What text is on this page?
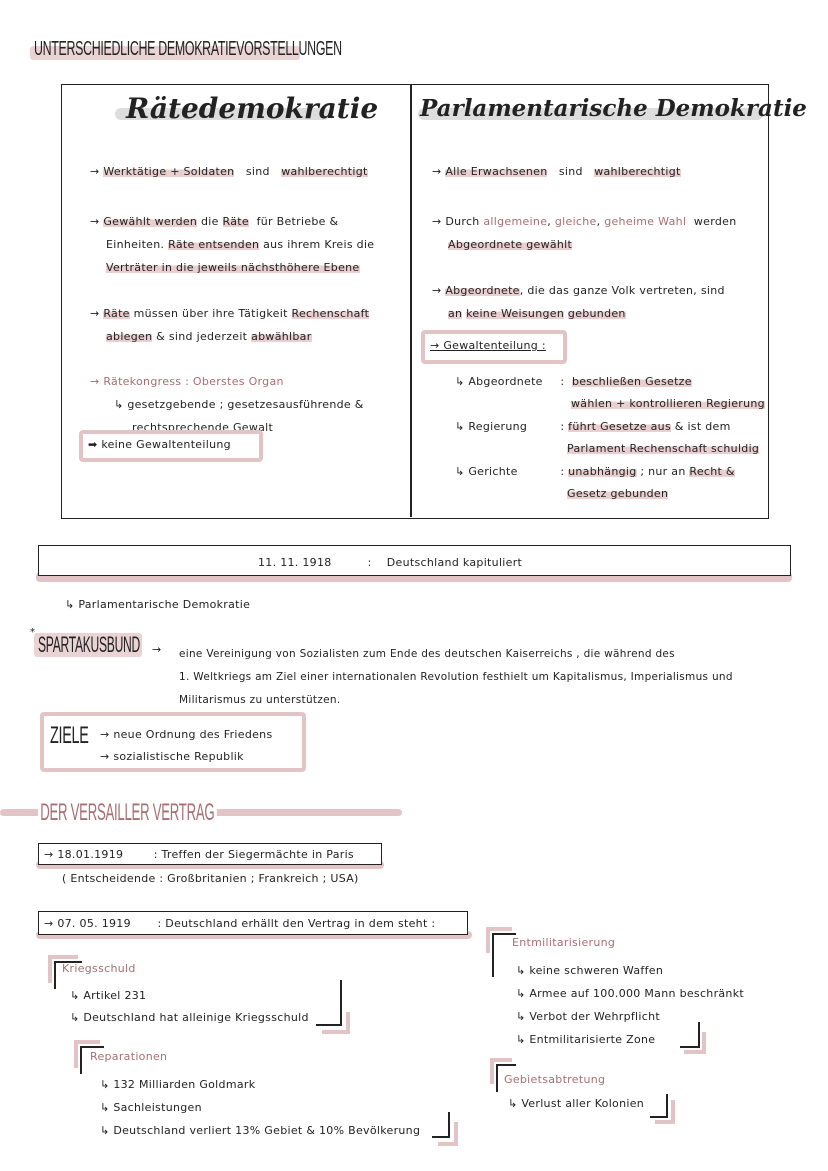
UNTERSCHIEDLICHE DEMOKRATIEVORSTELLUNGEN
Rätedemokratie Parlamentarische Demokratie
→ Werktätige + Soldaten sind wahlberechtigt
→ Gewählt werden die Räte für Betriebe &
Einheiten. Räte entsenden aus ihrem Kreis die
Verträter in die jeweils nächsthöhere Ebene
→ Räte müssen über ihre Tätigkeit Rechenschaft
ablegen & sind jederzeit abwählbar
→ Rätekongress : Oberstes Organ
↳ gesetzgebende ; gesetzesausführende &
rechtsprechende Gewalt
➡ keine Gewaltenteilung
→ Alle Erwachsenen sind wahlberechtigt
→ Durch allgemeine, gleiche, geheime Wahl werden
Abgeordnete gewählt
→ Abgeordnete, die das ganze Volk vertreten, sind
an keine Weisungen gebunden
→ Gewaltenteilung :
↳ Abgeordnete : beschließen Gesetze
wählen + kontrollieren Regierung
↳ Regierung	: führt Gesetze aus & ist dem
Parlament Rechenschaft schuldig
↳ Gerichte	: unabhängig ; nur an Recht &
Gesetz gebunden
11. 11. 1918	: Deutschland kapituliert
↳ Parlamentarische Demokratie
* SPARTAKUSBUND → eine Vereinigung von Sozialisten zum Ende des deutschen Kaiserreichs , die während des
1. Weltkriegs am Ziel einer internationalen Revolution festhielt um Kapitalismus, Imperialismus und
Militarismus zu unterstützen.
ZIELE → neue Ordnung des Friedens
→ sozialistische Republik
DER VERSAILLER VERTRAG
→ 18.01.1919	: Treffen der Siegermächte in Paris
( Entscheidende : Großbritanien ; Frankreich ; USA)
→ 07. 05. 1919 : Deutschland erhällt den Vertrag in dem steht :
Kriegsschuld
↳ Artikel 231
↳ Deutschland hat alleinige Kriegsschuld
Reparationen
↳ 132 Milliarden Goldmark
↳ Sachleistungen
↳ Deutschland verliert 13% Gebiet & 10% Bevölkerung
Entmilitarisierung
↳ keine schweren Waffen
↳ Armee auf 100.000 Mann beschränkt
↳ Verbot der Wehrpflicht
↳ Entmilitarisierte Zone
Gebietsabtretung
↳ Verlust aller Kolonien
